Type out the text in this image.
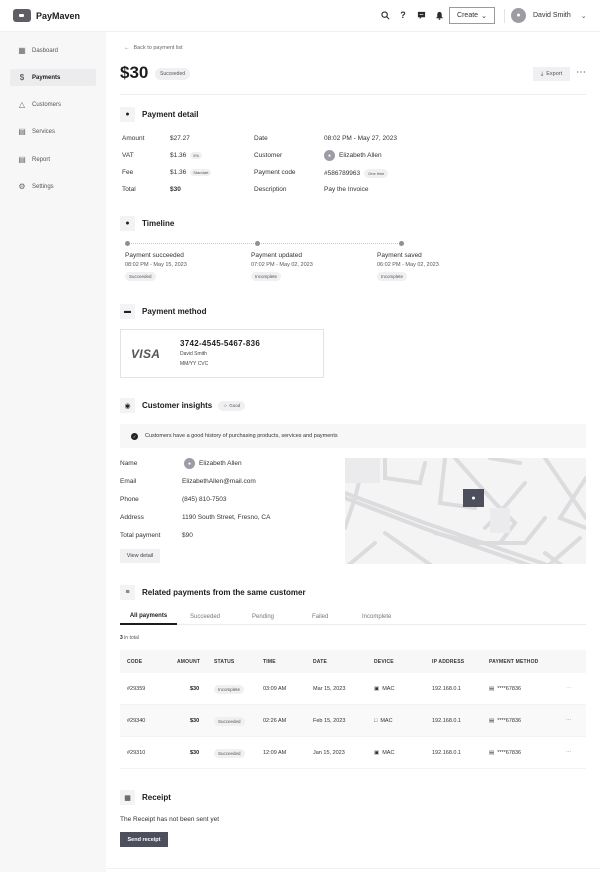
PayMaven	?	Create ⌄	●	David Smith ⌄
▦ Dasboard
$ Payments
△ Customers
▤ Services
▤ Report
⚙ Settings
← Back to payment list
$30	Succeeded	⤓ Export ⋯
●	Payment detail
Amount	$27.27
VAT	$1.36	5%
Fee	$1.36	Standart
Total	$30
Date	08:02 PM - May 27, 2023
Customer	●	Elizabeth Allen
Payment code	#586789963	One time
Description	Pay the Invoice
●	Timeline
Payment succeeded
08:02 PM - May 15, 2023
Succeeded
Payment updated
07:02 PM - May 02, 2023
Incomplete
Payment saved
06:02 PM - May 02, 2023
Incomplete
▬	Payment method
VISA
3742-4545-5467-836
David Smith
MM/YY CVC
◉	Customer insights ☆ Good
✓	Customers have a good history of purchasing products, services and payments
Name	●	Elizabeth Allen
Email	ElizabethAllen@mail.com
Phone	(845) 810-7503
Address	1190 South Street, Fresno, CA
Total payment	$90
View detail
●
≡	Related payments from the same customer
All payments	Succeeded	Pending	Failed	Incomplete
3 in total
CODE	AMOUNT	STATUS	TIME	DATE	DEVICE	IP ADDRESS	PAYMENT METHOD
#29359	$30	Incomplete	03:09 AM	Mar 15, 2023	▣ MAC	192.168.0.1	▤ ****67836	⋯
#29340	$30	Succeeded	02:26 AM	Feb 15, 2023	□ MAC	192.168.0.1	▤ ****67836	⋯
#29310	$30	Succeeded	12:09 AM	Jan 15, 2023	▣ MAC	192.168.0.1	▤ ****67836	⋯
▦	Receipt
The Receipt has not been sent yet
Send receipt
